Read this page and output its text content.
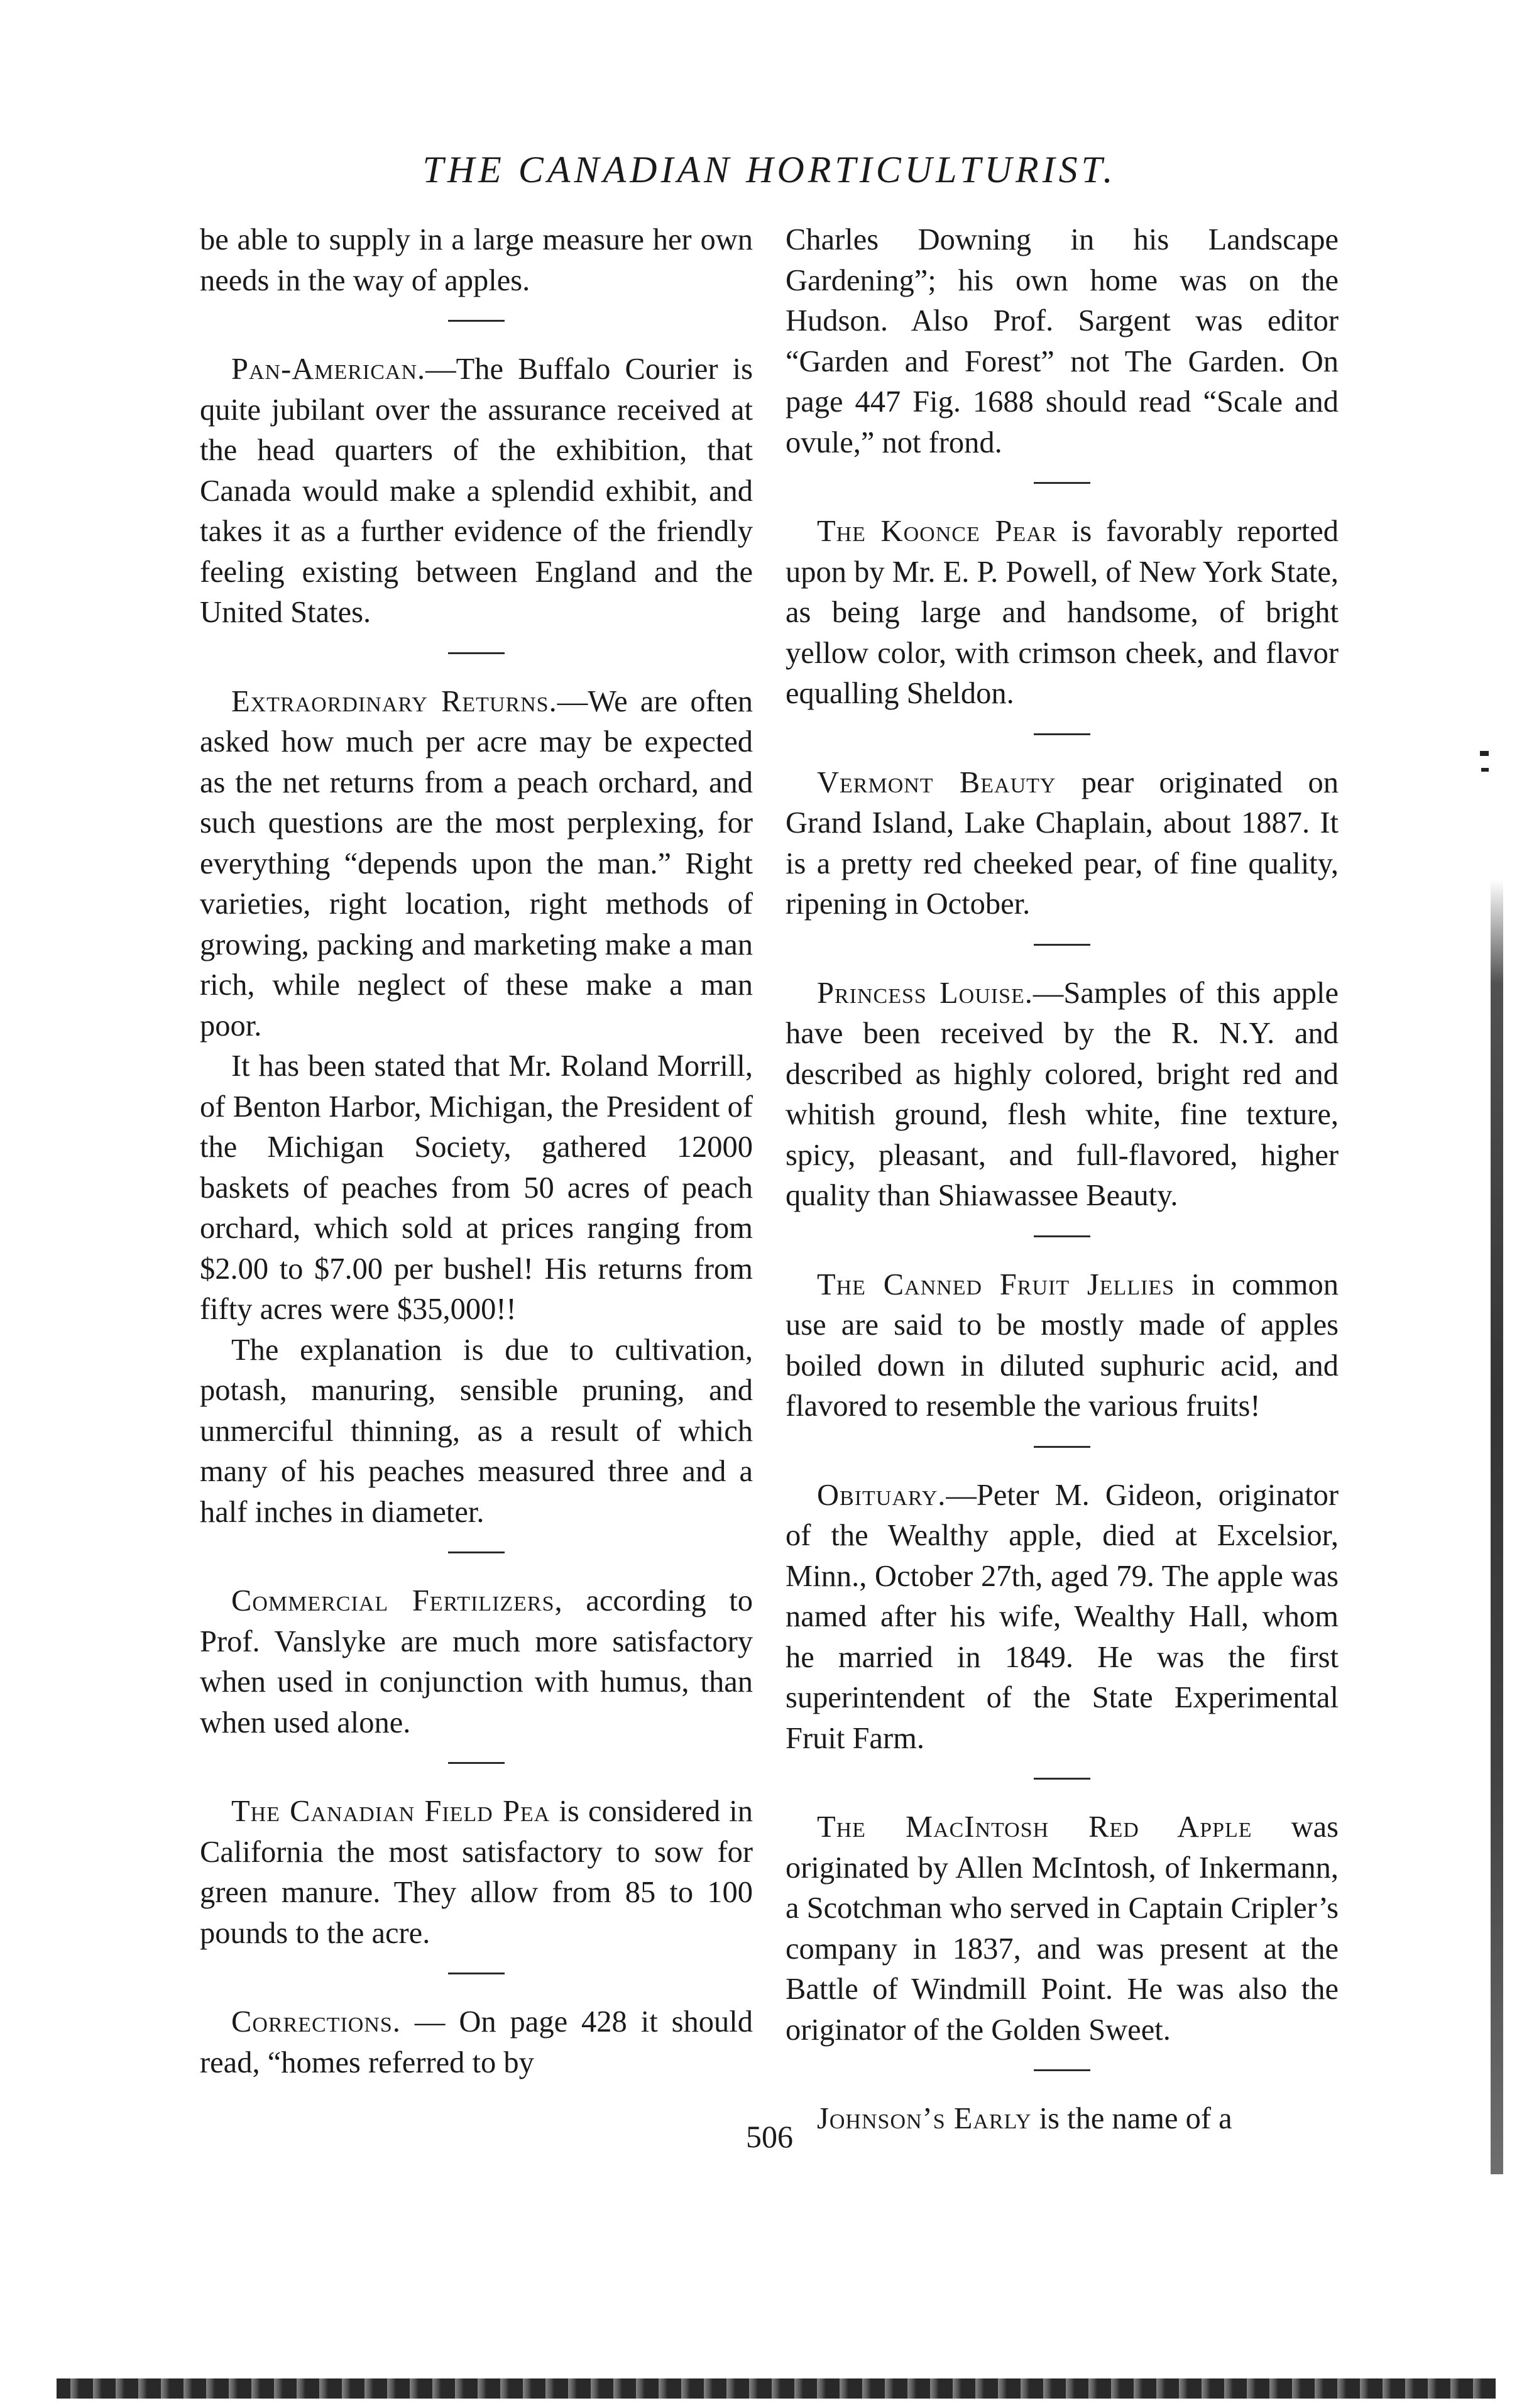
THE CANADIAN HORTICULTURIST.

be able to supply in a large measure her own needs in the way of apples.

Pan-American.—The Buffalo Courier is quite jubilant over the assurance received at the head quarters of the exhibition, that Canada would make a splendid exhibit, and takes it as a further evidence of the friendly feeling existing between England and the United States.

Extraordinary Returns.—We are often asked how much per acre may be expected as the net returns from a peach orchard, and such questions are the most perplexing, for everything “depends upon the man.” Right varieties, right location, right methods of growing, packing and marketing make a man rich, while neglect of these make a man poor.

It has been stated that Mr. Roland Morrill, of Benton Harbor, Michigan, the President of the Michigan Society, gathered 12000 baskets of peaches from 50 acres of peach orchard, which sold at prices ranging from $2.00 to $7.00 per bushel! His returns from fifty acres were $35,000!!

The explanation is due to cultivation, potash, manuring, sensible pruning, and unmerciful thinning, as a result of which many of his peaches measured three and a half inches in diameter.

Commercial Fertilizers, according to Prof. Vanslyke are much more satisfactory when used in conjunction with humus, than when used alone.

The Canadian Field Pea is considered in California the most satisfactory to sow for green manure. They allow from 85 to 100 pounds to the acre.

Corrections. — On page 428 it should read, “homes referred to by

Charles Downing in his Landscape Gardening”; his own home was on the Hudson. Also Prof. Sargent was editor “Garden and Forest” not The Garden. On page 447 Fig. 1688 should read “Scale and ovule,” not frond.

The Koonce Pear is favorably reported upon by Mr. E. P. Powell, of New York State, as being large and handsome, of bright yellow color, with crimson cheek, and flavor equalling Sheldon.

Vermont Beauty pear originated on Grand Island, Lake Chaplain, about 1887. It is a pretty red cheeked pear, of fine quality, ripening in October.

Princess Louise.—Samples of this apple have been received by the R. N.Y. and described as highly colored, bright red and whitish ground, flesh white, fine texture, spicy, pleasant, and full-flavored, higher quality than Shiawassee Beauty.

The Canned Fruit Jellies in common use are said to be mostly made of apples boiled down in diluted suphuric acid, and flavored to resemble the various fruits!

Obituary.—Peter M. Gideon, originator of the Wealthy apple, died at Excelsior, Minn., October 27th, aged 79. The apple was named after his wife, Wealthy Hall, whom he married in 1849. He was the first superintendent of the State Experimental Fruit Farm.

The MacIntosh Red Apple was originated by Allen McIntosh, of Inkermann, a Scotchman who served in Captain Cripler’s company in 1837, and was present at the Battle of Windmill Point. He was also the originator of the Golden Sweet.

Johnson’s Early is the name of a

506
